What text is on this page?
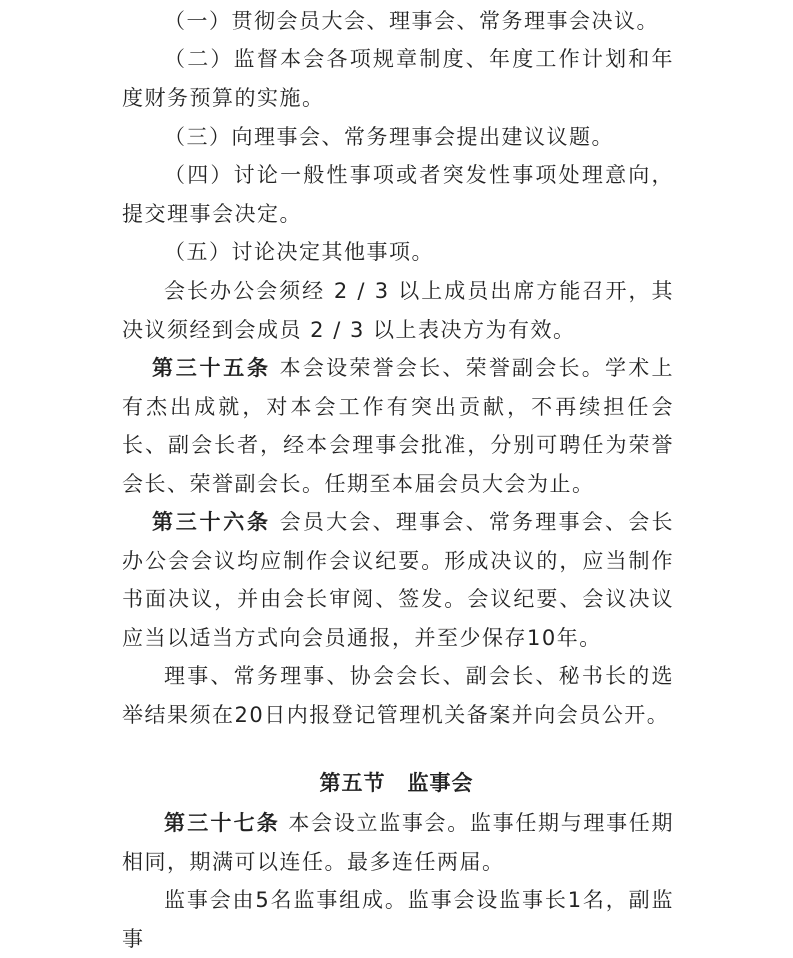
（一）贯彻会员大会、理事会、常务理事会决议。

（二）监督本会各项规章制度、年度工作计划和年度财务预算的实施。

（三）向理事会、常务理事会提出建议议题。

（四）讨论一般性事项或者突发性事项处理意向，提交理事会决定。

（五）讨论决定其他事项。

会长办公会须经 2 / 3 以上成员出席方能召开，其决议须经到会成员 2 / 3 以上表决方为有效。

第三十五条 本会设荣誉会长、荣誉副会长。学术上有杰出成就，对本会工作有突出贡献，不再续担任会长、副会长者，经本会理事会批准，分别可聘任为荣誉会长、荣誉副会长。任期至本届会员大会为止。

第三十六条 会员大会、理事会、常务理事会、会长办公会会议均应制作会议纪要。形成决议的，应当制作书面决议，并由会长审阅、签发。会议纪要、会议决议应当以适当方式向会员通报，并至少保存10年。

理事、常务理事、协会会长、副会长、秘书长的选举结果须在20日内报登记管理机关备案并向会员公开。

第五节 监事会

第三十七条 本会设立监事会。监事任期与理事任期相同，期满可以连任。最多连任两届。

监事会由5名监事组成。监事会设监事长1名，副监事
